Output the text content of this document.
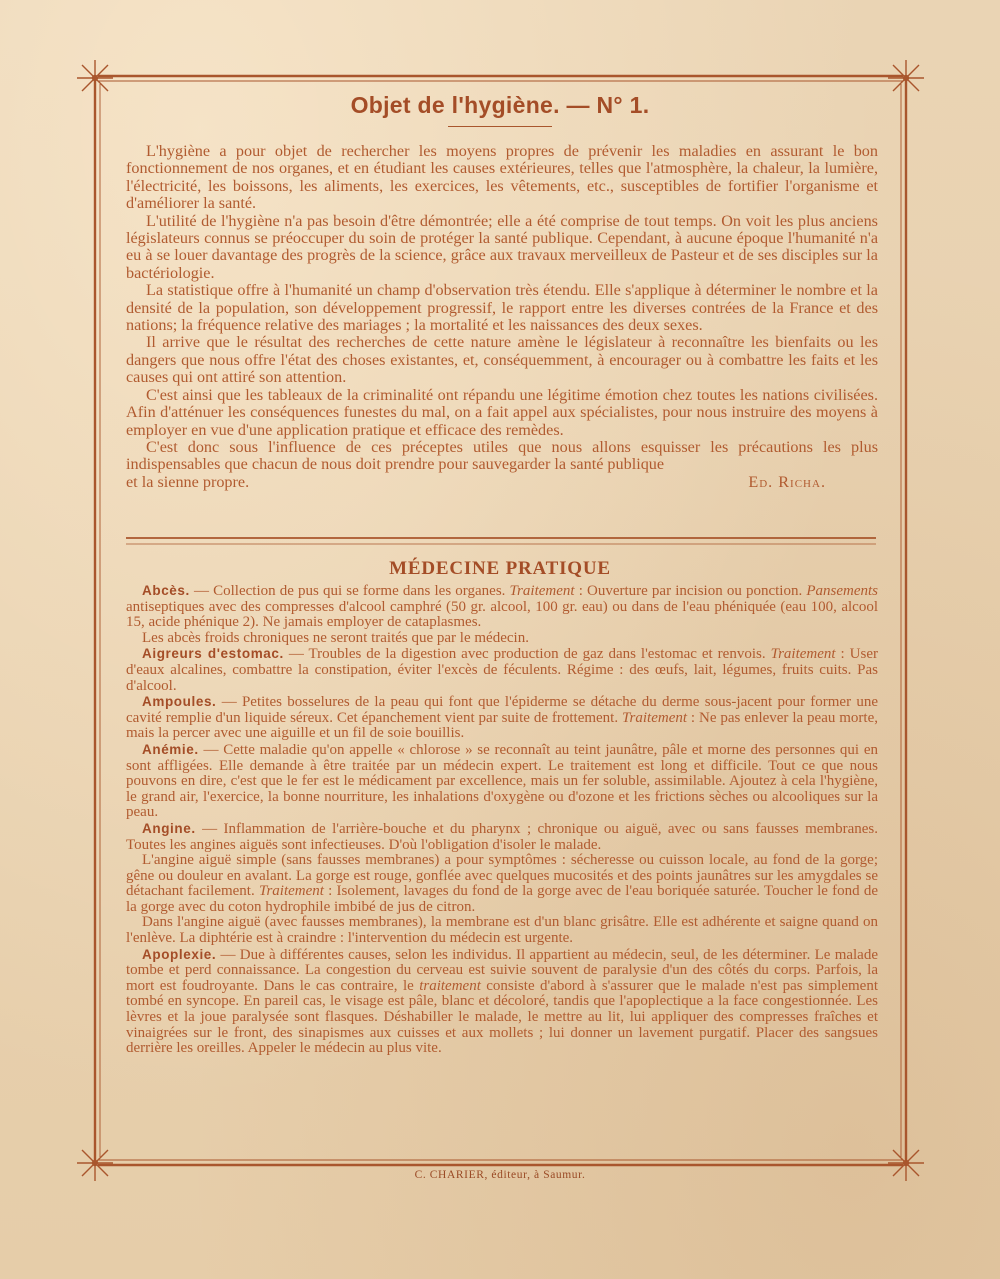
Objet de l'hygiène. — N° 1.

L'hygiène a pour objet de rechercher les moyens propres de prévenir les maladies en assurant le bon fonctionnement de nos organes, et en étudiant les causes extérieures, telles que l'atmosphère, la chaleur, la lumière, l'électricité, les boissons, les aliments, les exercices, les vêtements, etc., susceptibles de fortifier l'organisme et d'améliorer la santé.

L'utilité de l'hygiène n'a pas besoin d'être démontrée; elle a été comprise de tout temps. On voit les plus anciens législateurs connus se préoccuper du soin de protéger la santé publique. Cependant, à aucune époque l'humanité n'a eu à se louer davantage des progrès de la science, grâce aux travaux merveilleux de Pasteur et de ses disciples sur la bactériologie.

La statistique offre à l'humanité un champ d'observation très étendu. Elle s'applique à déterminer le nombre et la densité de la population, son développement progressif, le rapport entre les diverses contrées de la France et des nations; la fréquence relative des mariages ; la mortalité et les naissances des deux sexes.

Il arrive que le résultat des recherches de cette nature amène le législateur à reconnaître les bienfaits ou les dangers que nous offre l'état des choses existantes, et, conséquemment, à encourager ou à combattre les faits et les causes qui ont attiré son attention.

C'est ainsi que les tableaux de la criminalité ont répandu une légitime émotion chez toutes les nations civilisées. Afin d'atténuer les conséquences funestes du mal, on a fait appel aux spécialistes, pour nous instruire des moyens à employer en vue d'une application pratique et efficace des remèdes.

C'est donc sous l'influence de ces préceptes utiles que nous allons esquisser les précautions les plus indispensables que chacun de nous doit prendre pour sauvegarder la santé publique

et la sienne propre.	Ed. Richa.
MÉDECINE PRATIQUE

Abcès. — Collection de pus qui se forme dans les organes. Traitement : Ouverture par incision ou ponction. Pansements antiseptiques avec des compresses d'alcool camphré (50 gr. alcool, 100 gr. eau) ou dans de l'eau phéniquée (eau 100, alcool 15, acide phénique 2). Ne jamais employer de cataplasmes.

Les abcès froids chroniques ne seront traités que par le médecin.

Aigreurs d'estomac. — Troubles de la digestion avec production de gaz dans l'estomac et renvois. Traitement : User d'eaux alcalines, combattre la constipation, éviter l'excès de féculents. Régime : des œufs, lait, légumes, fruits cuits. Pas d'alcool.

Ampoules. — Petites bosselures de la peau qui font que l'épiderme se détache du derme sous-jacent pour former une cavité remplie d'un liquide séreux. Cet épanchement vient par suite de frottement. Traitement : Ne pas enlever la peau morte, mais la percer avec une aiguille et un fil de soie bouillis.

Anémie. — Cette maladie qu'on appelle « chlorose » se reconnaît au teint jaunâtre, pâle et morne des personnes qui en sont affligées. Elle demande à être traitée par un médecin expert. Le traitement est long et difficile. Tout ce que nous pouvons en dire, c'est que le fer est le médicament par excellence, mais un fer soluble, assimilable. Ajoutez à cela l'hygiène, le grand air, l'exercice, la bonne nourriture, les inhalations d'oxygène ou d'ozone et les frictions sèches ou alcooliques sur la peau.

Angine. — Inflammation de l'arrière-bouche et du pharynx ; chronique ou aiguë, avec ou sans fausses membranes. Toutes les angines aiguës sont infectieuses. D'où l'obligation d'isoler le malade.

L'angine aiguë simple (sans fausses membranes) a pour symptômes : sécheresse ou cuisson locale, au fond de la gorge; gêne ou douleur en avalant. La gorge est rouge, gonflée avec quelques mucosités et des points jaunâtres sur les amygdales se détachant facilement. Traitement : Isolement, lavages du fond de la gorge avec de l'eau boriquée saturée. Toucher le fond de la gorge avec du coton hydrophile imbibé de jus de citron.

Dans l'angine aiguë (avec fausses membranes), la membrane est d'un blanc grisâtre. Elle est adhérente et saigne quand on l'enlève. La diphtérie est à craindre : l'intervention du médecin est urgente.

Apoplexie. — Due à différentes causes, selon les individus. Il appartient au médecin, seul, de les déterminer. Le malade tombe et perd connaissance. La congestion du cerveau est suivie souvent de paralysie d'un des côtés du corps. Parfois, la mort est foudroyante. Dans le cas contraire, le traitement consiste d'abord à s'assurer que le malade n'est pas simplement tombé en syncope. En pareil cas, le visage est pâle, blanc et décoloré, tandis que l'apoplectique a la face congestionnée. Les lèvres et la joue paralysée sont flasques. Déshabiller le malade, le mettre au lit, lui appliquer des compresses fraîches et vinaigrées sur le front, des sinapismes aux cuisses et aux mollets ; lui donner un lavement purgatif. Placer des sangsues derrière les oreilles. Appeler le médecin au plus vite.

C. CHARIER, éditeur, à Saumur.
